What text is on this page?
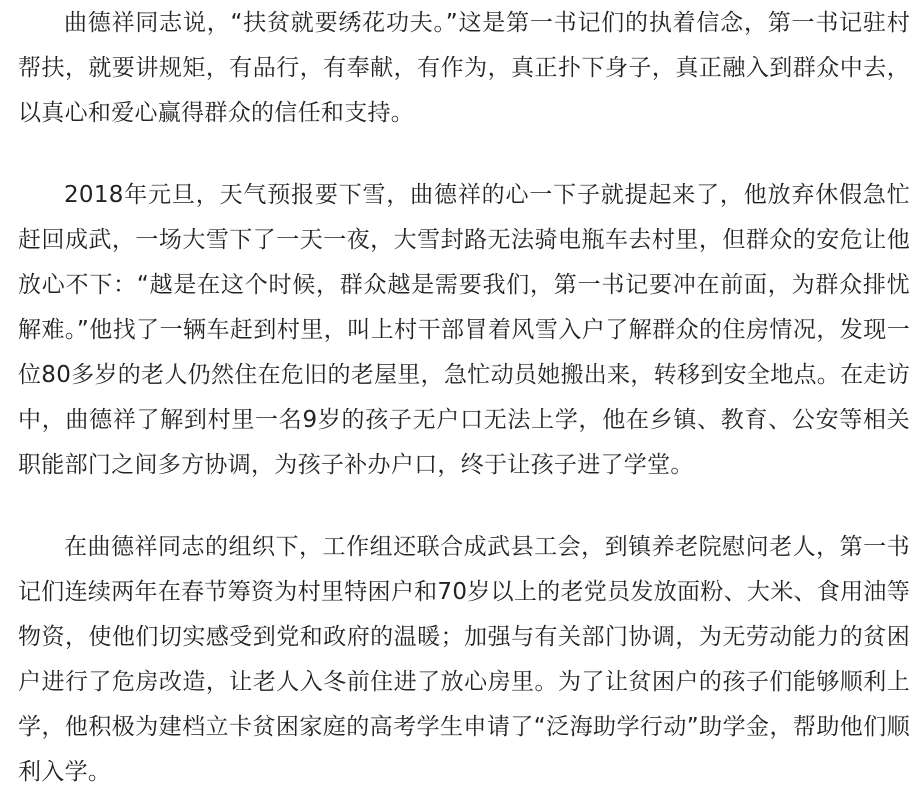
曲德祥同志说，“扶贫就要绣花功夫。”这是第一书记们的执着信念，第一书记驻村帮扶，就要讲规矩，有品行，有奉献，有作为，真正扑下身子，真正融入到群众中去，以真心和爱心赢得群众的信任和支持。

2018年元旦，天气预报要下雪，曲德祥的心一下子就提起来了，他放弃休假急忙赶回成武，一场大雪下了一天一夜，大雪封路无法骑电瓶车去村里，但群众的安危让他放心不下：“越是在这个时候，群众越是需要我们，第一书记要冲在前面，为群众排忧解难。”他找了一辆车赶到村里，叫上村干部冒着风雪入户了解群众的住房情况，发现一位80多岁的老人仍然住在危旧的老屋里，急忙动员她搬出来，转移到安全地点。在走访中，曲德祥了解到村里一名9岁的孩子无户口无法上学，他在乡镇、教育、公安等相关职能部门之间多方协调，为孩子补办户口，终于让孩子进了学堂。

在曲德祥同志的组织下，工作组还联合成武县工会，到镇养老院慰问老人，第一书记们连续两年在春节筹资为村里特困户和70岁以上的老党员发放面粉、大米、食用油等物资，使他们切实感受到党和政府的温暖；加强与有关部门协调，为无劳动能力的贫困户进行了危房改造，让老人入冬前住进了放心房里。为了让贫困户的孩子们能够顺利上学，他积极为建档立卡贫困家庭的高考学生申请了“泛海助学行动”助学金，帮助他们顺利入学。
